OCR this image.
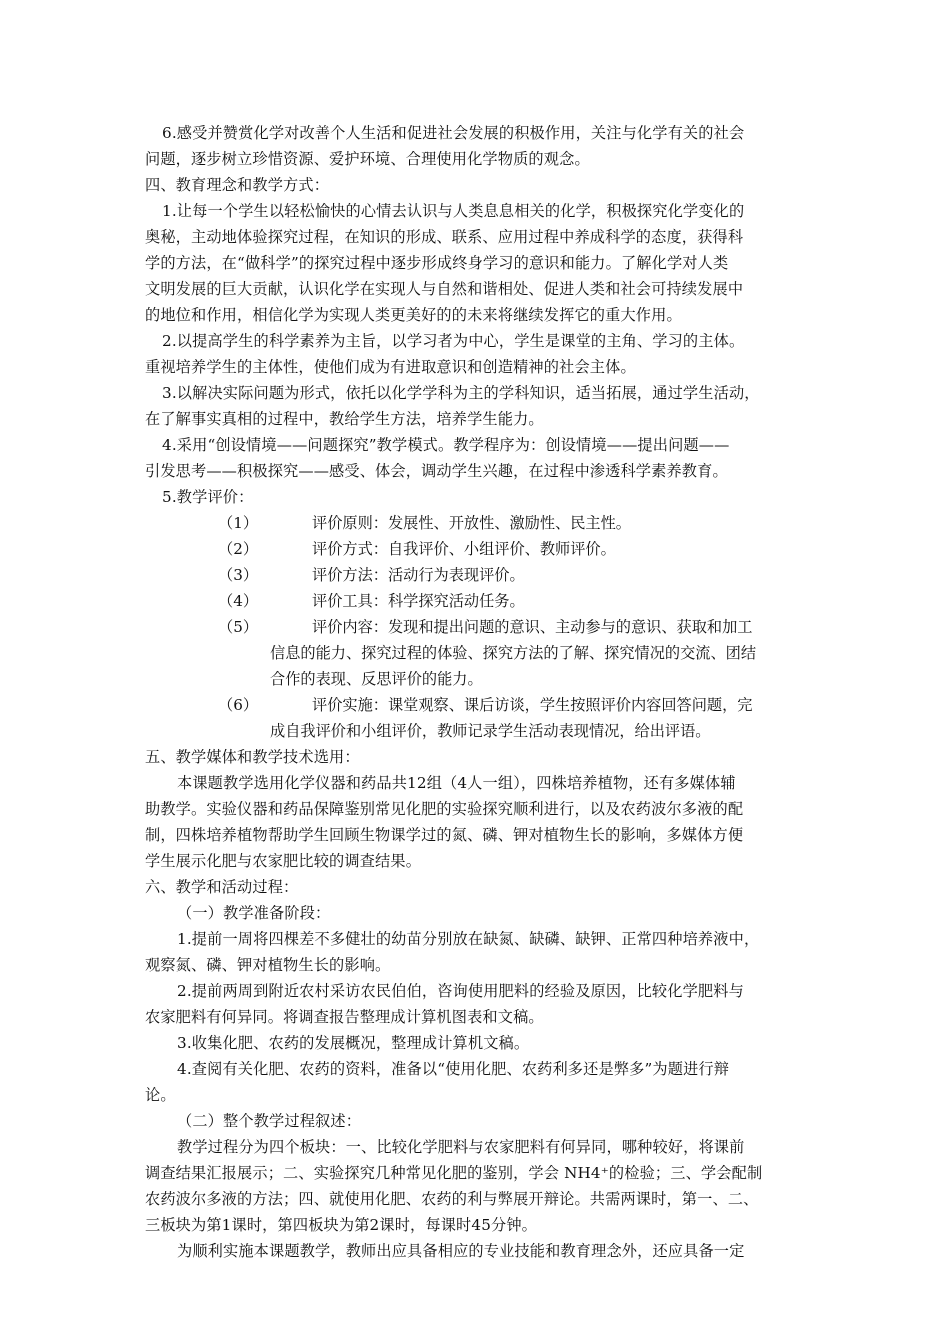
6.感受并赞赏化学对改善个人生活和促进社会发展的积极作用，关注与化学有关的社会
问题，逐步树立珍惜资源、爱护环境、合理使用化学物质的观念。
四、教育理念和教学方式：
1.让每一个学生以轻松愉快的心情去认识与人类息息相关的化学，积极探究化学变化的
奥秘，主动地体验探究过程，在知识的形成、联系、应用过程中养成科学的态度，获得科
学的方法，在“做科学”的探究过程中逐步形成终身学习的意识和能力。了解化学对人类
文明发展的巨大贡献，认识化学在实现人与自然和谐相处、促进人类和社会可持续发展中
的地位和作用，相信化学为实现人类更美好的的未来将继续发挥它的重大作用。
2.以提高学生的科学素养为主旨，以学习者为中心，学生是课堂的主角、学习的主体。
重视培养学生的主体性，使他们成为有进取意识和创造精神的社会主体。
3.以解决实际问题为形式，依托以化学学科为主的学科知识，适当拓展，通过学生活动，
在了解事实真相的过程中，教给学生方法，培养学生能力。
4.采用“创设情境——问题探究”教学模式。教学程序为：创设情境——提出问题——
引发思考——积极探究——感受、体会，调动学生兴趣，在过程中渗透科学素养教育。
5.教学评价：
（1）	评价原则：发展性、开放性、激励性、民主性。
（2）	评价方式：自我评价、小组评价、教师评价。
（3）	评价方法：活动行为表现评价。
（4）	评价工具：科学探究活动任务。
（5）	评价内容：发现和提出问题的意识、主动参与的意识、获取和加工
信息的能力、探究过程的体验、探究方法的了解、探究情况的交流、团结
合作的表现、反思评价的能力。
（6）	评价实施：课堂观察、课后访谈，学生按照评价内容回答问题，完
成自我评价和小组评价，教师记录学生活动表现情况，给出评语。
五、教学媒体和教学技术选用：
本课题教学选用化学仪器和药品共12组（4人一组），四株培养植物，还有多媒体辅
助教学。实验仪器和药品保障鉴别常见化肥的实验探究顺利进行，以及农药波尔多液的配
制，四株培养植物帮助学生回顾生物课学过的氮、磷、钾对植物生长的影响，多媒体方便
学生展示化肥与农家肥比较的调查结果。
六、教学和活动过程：
（一）教学准备阶段：
1.提前一周将四棵差不多健壮的幼苗分别放在缺氮、缺磷、缺钾、正常四种培养液中，
观察氮、磷、钾对植物生长的影响。
2.提前两周到附近农村采访农民伯伯，咨询使用肥料的经验及原因，比较化学肥料与
农家肥料有何异同。将调查报告整理成计算机图表和文稿。
3.收集化肥、农药的发展概况，整理成计算机文稿。
4.查阅有关化肥、农药的资料，准备以“使用化肥、农药利多还是弊多”为题进行辩
论。
（二）整个教学过程叙述：
教学过程分为四个板块：一、比较化学肥料与农家肥料有何异同，哪种较好，将课前
调查结果汇报展示；二、实验探究几种常见化肥的鉴别，学会 NH4⁺的检验；三、学会配制
农药波尔多液的方法；四、就使用化肥、农药的利与弊展开辩论。共需两课时，第一、二、
三板块为第1课时，第四板块为第2课时，每课时45分钟。
为顺利实施本课题教学，教师出应具备相应的专业技能和教育理念外，还应具备一定
